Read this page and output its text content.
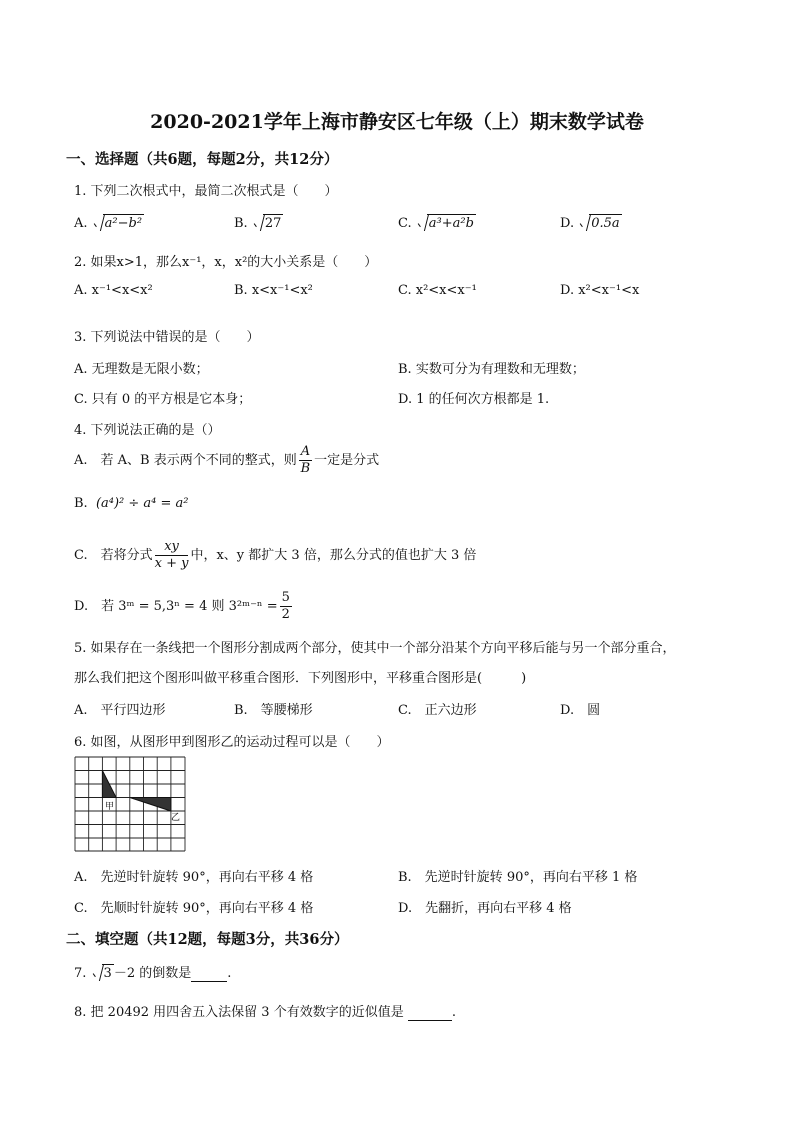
2020-2021学年上海市静安区七年级（上）期末数学试卷
一、选择题（共6题，每题2分，共12分）
1. 下列二次根式中，最简二次根式是（　　）
A. a²−b²	B. 27	C. a³+a²b	D. 0.5a
2. 如果x>1，那么x⁻¹，x，x²的大小关系是（　　）
A. x⁻¹<x<x²	B. x<x⁻¹<x²	C. x²<x<x⁻¹	D. x²<x⁻¹<x
3. 下列说法中错误的是（　　）
A. 无理数是无限小数；	B. 实数可分为有理数和无理数；
C. 只有 0 的平方根是它本身；	D. 1 的任何次方根都是 1.
4. 下列说法正确的是（）
A.　若 A、B 表示两个不同的整式，则 $\frac{A}{B}$ 一定是分式
B. (a⁴)² ÷ a⁴ = a²
C.　若将分式 $\frac{xy}{x + y}$ 中，x、y 都扩大 3 倍，那么分式的值也扩大 3 倍
D.　若 3ᵐ = 5,3ⁿ = 4 则 3²ᵐ⁻ⁿ = $\frac{5}{2}$
5. 如果存在一条线把一个图形分割成两个部分，使其中一个部分沿某个方向平移后能与另一个部分重合，
那么我们把这个图形叫做平移重合图形．下列图形中，平移重合图形是(　　　)
A.　平行四边形	B.　等腰梯形	C.　正六边形	D.　圆
6. 如图，从图形甲到图形乙的运动过程可以是（　　）
甲
乙
A.　先逆时针旋转 90°，再向右平移 4 格	B.　先逆时针旋转 90°，再向右平移 1 格
C.　先顺时针旋转 90°，再向右平移 4 格	D.　先翻折，再向右平移 4 格
二、填空题（共12题，每题3分，共36分）
7. 3 －2 的倒数是	.
8. 把 20492 用四舍五入法保留 3 个有效数字的近似值是	.
